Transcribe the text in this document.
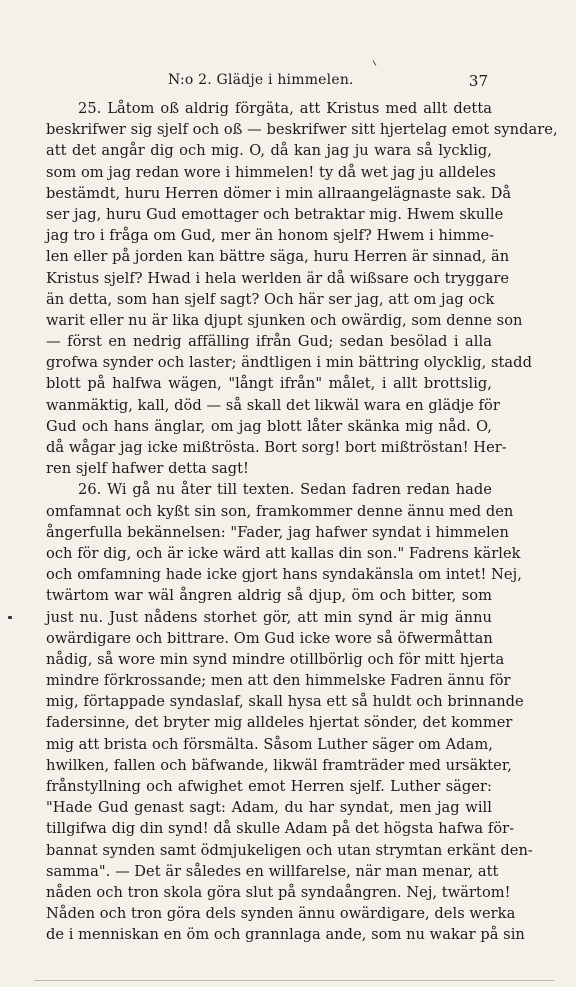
N:o 2. Glädje i himmelen.	37
25. Låtom oß aldrig förgäta, att Kristus med allt detta
beskrifwer sig sjelf och oß — beskrifwer sitt hjertelag emot syndare,
att det angår dig och mig. O, då kan jag ju wara så lycklig,
som om jag redan wore i himmelen! ty då wet jag ju alldeles
bestämdt, huru Herren dömer i min allraangelägnaste sak. Då
ser jag, huru Gud emottager och betraktar mig. Hwem skulle
jag tro i fråga om Gud, mer än honom sjelf? Hwem i himme-
len eller på jorden kan bättre säga, huru Herren är sinnad, än
Kristus sjelf? Hwad i hela werlden är då wißsare och tryggare
än detta, som han sjelf sagt? Och här ser jag, att om jag ock
warit eller nu är lika djupt sjunken och owärdig, som denne son
— först en nedrig affälling ifrån Gud; sedan besölad i alla
grofwa synder och laster; ändtligen i min bättring olycklig, stadd
blott på halfwa wägen, "långt ifrån" målet, i allt brottslig,
wanmäktig, kall, död — så skall det likwäl wara en glädje för
Gud och hans änglar, om jag blott låter skänka mig nåd. O,
då wågar jag icke mißtrösta. Bort sorg! bort mißtröstan! Her-
ren sjelf hafwer detta sagt!
26. Wi gå nu åter till texten. Sedan fadren redan hade
omfamnat och kyßt sin son, framkommer denne ännu med den
ångerfulla bekännelsen: "Fader, jag hafwer syndat i himmelen
och för dig, och är icke wärd att kallas din son." Fadrens kärlek
och omfamning hade icke gjort hans syndakänsla om intet! Nej,
twärtom war wäl ångren aldrig så djup, öm och bitter, som
just nu. Just nådens storhet gör, att min synd är mig ännu
owärdigare och bittrare. Om Gud icke wore så öfwermåttan
nådig, så wore min synd mindre otillbörlig och för mitt hjerta
mindre förkrossande; men att den himmelske Fadren ännu för
mig, förtappade syndaslaf, skall hysa ett så huldt och brinnande
fadersinne, det bryter mig alldeles hjertat sönder, det kommer
mig att brista och försmälta. Såsom Luther säger om Adam,
hwilken, fallen och bäfwande, likwäl framträder med ursäkter,
frånstyllning och afwighet emot Herren sjelf. Luther säger:
"Hade Gud genast sagt: Adam, du har syndat, men jag will
tillgifwa dig din synd! då skulle Adam på det högsta hafwa för-
bannat synden samt ödmjukeligen och utan strymtan erkänt den-
samma". — Det är således en willfarelse, när man menar, att
nåden och tron skola göra slut på syndaångren. Nej, twärtom!
Nåden och tron göra dels synden ännu owärdigare, dels werka
de i menniskan en öm och grannlaga ande, som nu wakar på sin
